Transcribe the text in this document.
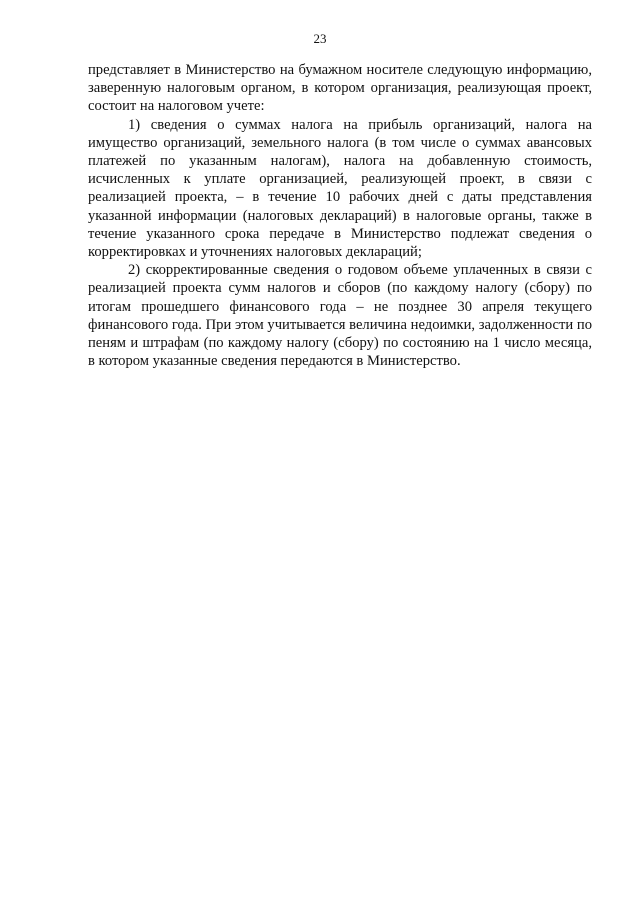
23

представляет в Министерство на бумажном носителе следующую информацию, заверенную налоговым органом, в котором организация, реализующая проект, состоит на налоговом учете:

1) сведения о суммах налога на прибыль организаций, налога на имущество организаций, земельного налога (в том числе о суммах авансовых платежей по указанным налогам), налога на добавленную стоимость, исчисленных к уплате организацией, реализующей проект, в связи с реализацией проекта, – в течение 10 рабочих дней с даты представления указанной информации (налоговых деклараций) в налоговые органы, также в течение указанного срока передаче в Министерство подлежат сведения о корректировках и уточнениях налоговых деклараций;

2) скорректированные сведения о годовом объеме уплаченных в связи с реализацией проекта сумм налогов и сборов (по каждому налогу (сбору) по итогам прошедшего финансового года – не позднее 30 апреля текущего финансового года. При этом учитывается величина недоимки, задолженности по пеням и штрафам (по каждому налогу (сбору) по состоянию на 1 число месяца, в котором указанные сведения передаются в Министерство.
